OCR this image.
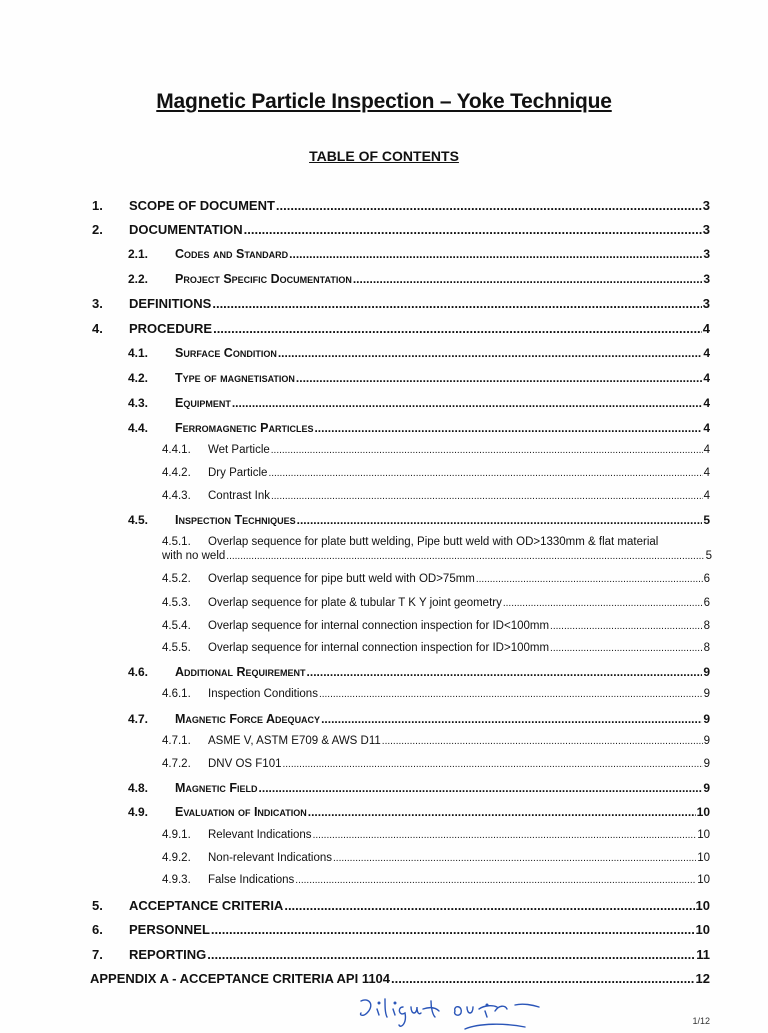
Magnetic Particle Inspection – Yoke Technique
TABLE OF CONTENTS
1.	SCOPE OF DOCUMENT .....	3
2.	DOCUMENTATION .....	3
2.1.	Codes and Standard .....	3
2.2.	Project Specific Documentation .....	3
3.	DEFINITIONS .....	3
4.	PROCEDURE .....	4
4.1.	Surface Condition .....	4
4.2.	Type of magnetisation .....	4
4.3.	Equipment .....	4
4.4.	Ferromagnetic Particles .....	4
4.4.1.	Wet Particle .....	4
4.4.2.	Dry Particle .....	4
4.4.3.	Contrast Ink .....	4
4.5.	Inspection Techniques .....	5
4.5.1. Overlap sequence for plate butt welding, Pipe butt weld with OD>1330mm & flat material
with no weld .....	5
4.5.2.	Overlap sequence for pipe butt weld with OD>75mm .....	6
4.5.3.	Overlap sequence for plate & tubular T K Y joint geometry .....	6
4.5.4.	Overlap sequence for internal connection inspection for ID<100mm .....	8
4.5.5.	Overlap sequence for internal connection inspection for ID>100mm .....	8
4.6.	Additional Requirement .....	9
4.6.1.	Inspection Conditions .....	9
4.7.	Magnetic Force Adequacy .....	9
4.7.1.	ASME V, ASTM E709 & AWS D11 .....	9
4.7.2.	DNV OS F101 .....	9
4.8.	Magnetic Field .....	9
4.9.	Evaluation of Indication .....	10
4.9.1.	Relevant Indications .....	10
4.9.2.	Non-relevant Indications .....	10
4.9.3.	False Indications .....	10
5.	ACCEPTANCE CRITERIA .....	10
6.	PERSONNEL .....	10
7.	REPORTING .....	11
APPENDIX A - ACCEPTANCE CRITERIA API 1104 .....	12
1/12
